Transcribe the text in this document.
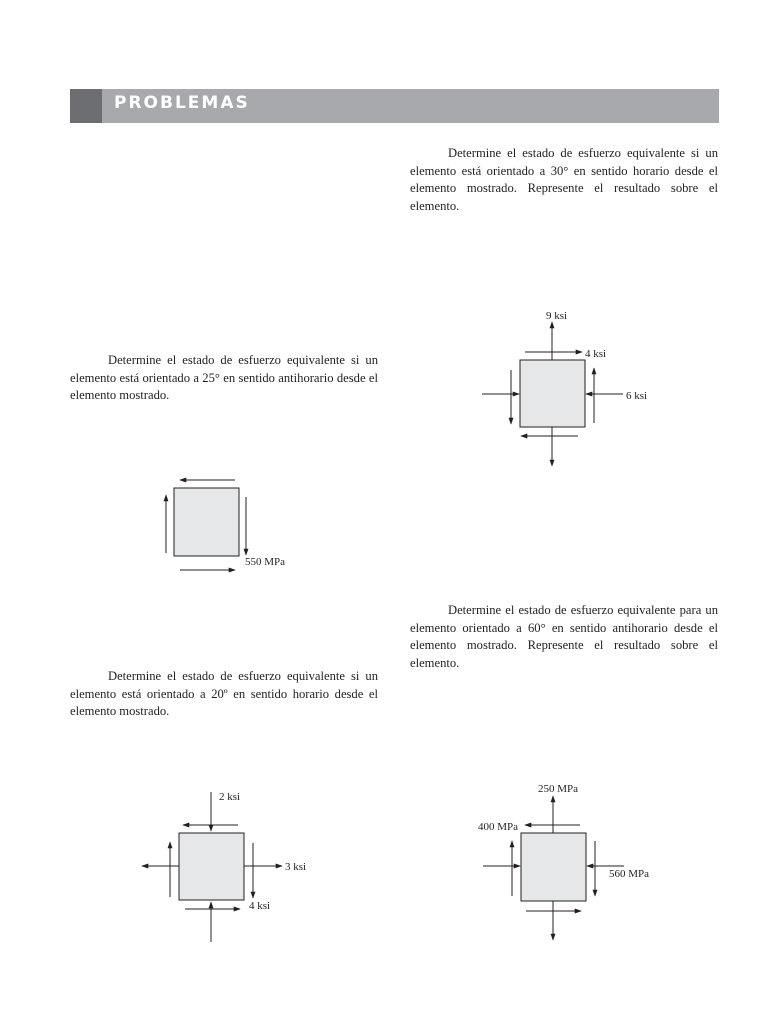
PROBLEMAS

Determine el estado de esfuerzo equivalente si un elemento está orientado a 30° en sentido horario desde el elemento mostrado. Represente el resultado sobre el elemento.

Determine el estado de esfuerzo equivalente si un elemento está orientado a 25° en sentido antihorario desde el elemento mostrado.

Determine el estado de esfuerzo equivalente para un elemento orientado a 60° en sentido antihorario desde el elemento mostrado. Represente el resultado sobre el elemento.

Determine el estado de esfuerzo equivalente si un elemento está orientado a 20º en sentido horario desde el elemento mostrado.

9 ksi
4 ksi
6 ksi
550 MPa
2 ksi
3 ksi
4 ksi
250 MPa
400 MPa
560 MPa
